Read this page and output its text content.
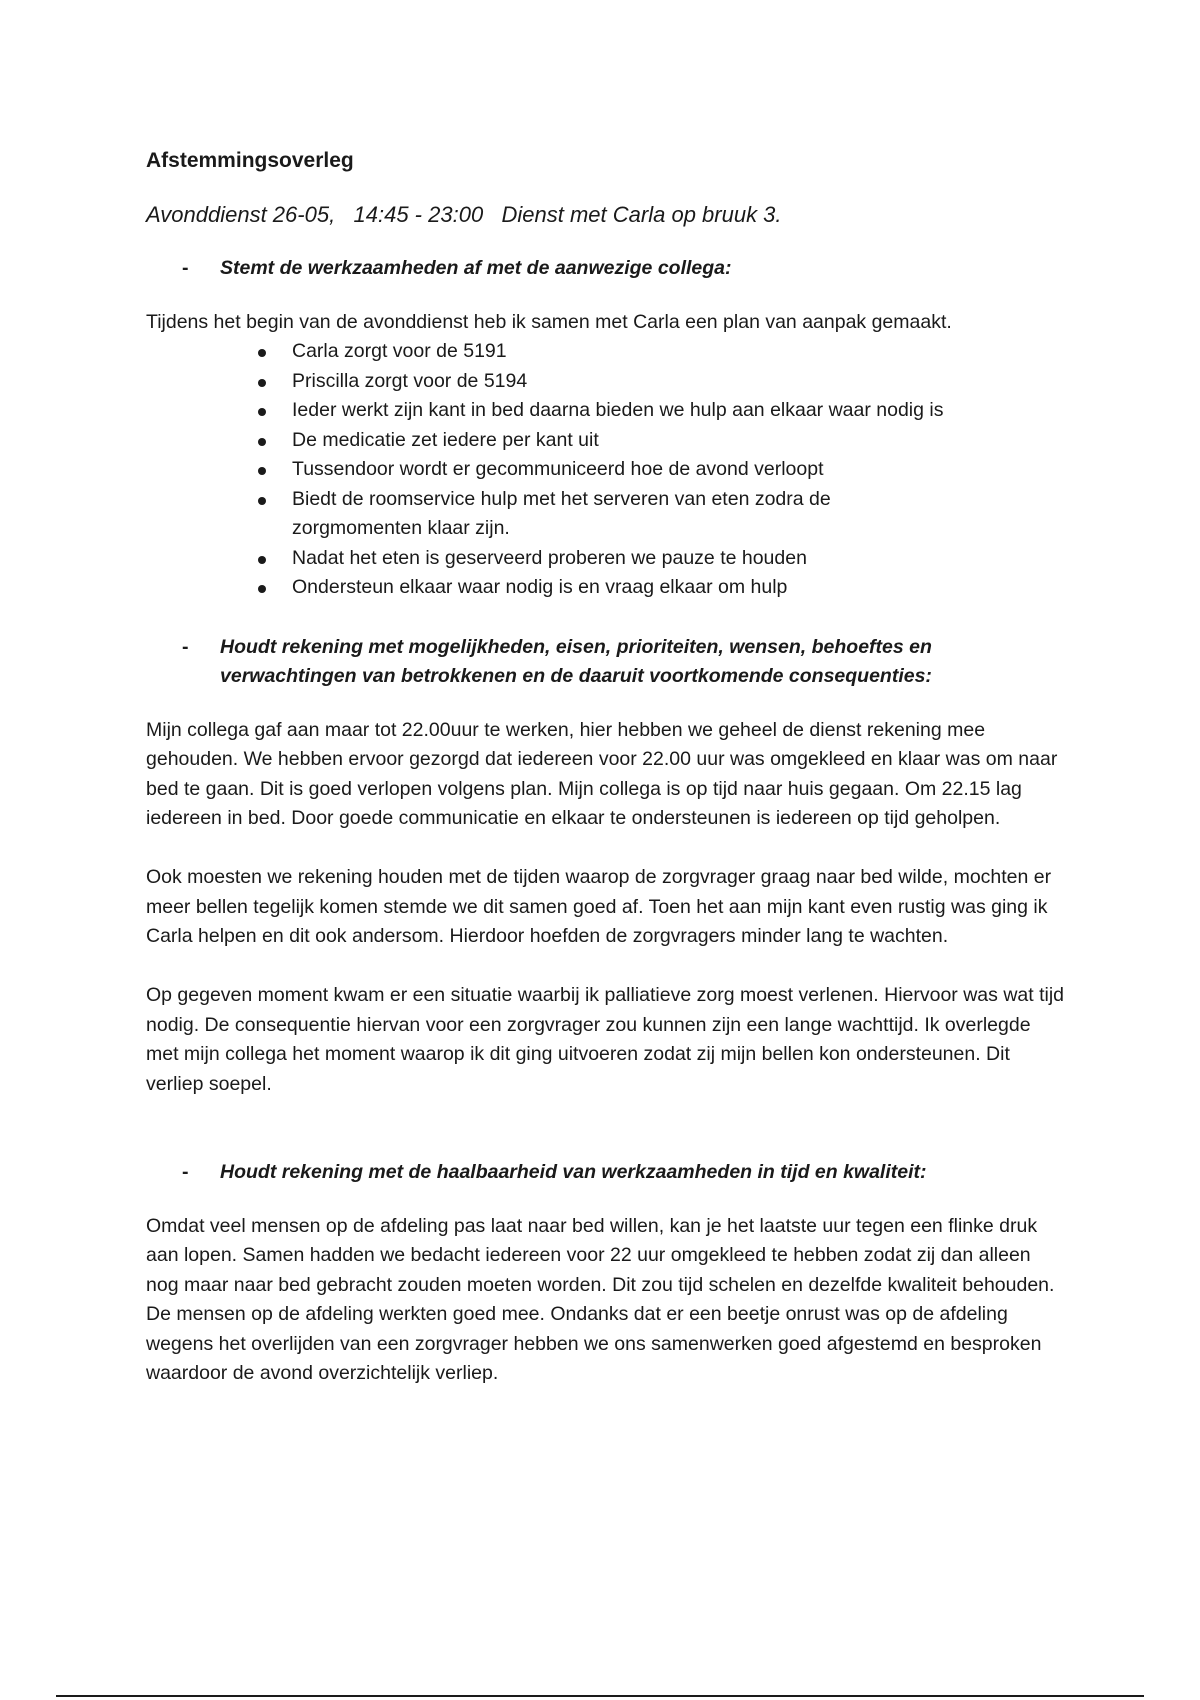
Afstemmingsoverleg
Avonddienst 26-05,   14:45 - 23:00   Dienst met Carla op bruuk 3.
-	Stemt de werkzaamheden af met de aanwezige collega:

Tijdens het begin van de avonddienst heb ik samen met Carla een plan van aanpak gemaakt.

Carla zorgt voor de 5191
Priscilla zorgt voor de 5194
Ieder werkt zijn kant in bed daarna bieden we hulp aan elkaar waar nodig is
De medicatie zet iedere per kant uit
Tussendoor wordt er gecommuniceerd hoe de avond verloopt
Biedt de roomservice hulp met het serveren van eten zodra de zorgmomenten klaar zijn.
Nadat het eten is geserveerd proberen we pauze te houden
Ondersteun elkaar waar nodig is en vraag elkaar om hulp
-	Houdt rekening met mogelijkheden, eisen, prioriteiten, wensen, behoeftes en verwachtingen van betrokkenen en de daaruit voortkomende consequenties:

Mijn collega gaf aan maar tot 22.00uur te werken, hier hebben we geheel de dienst rekening mee gehouden. We hebben ervoor gezorgd dat iedereen voor 22.00 uur was omgekleed en klaar was om naar bed te gaan. Dit is goed verlopen volgens plan. Mijn collega is op tijd naar huis gegaan. Om 22.15 lag iedereen in bed. Door goede communicatie en elkaar te ondersteunen is iedereen op tijd geholpen.

Ook moesten we rekening houden met de tijden waarop de zorgvrager graag naar bed wilde, mochten er meer bellen tegelijk komen stemde we dit samen goed af. Toen het aan mijn kant even rustig was ging ik Carla helpen en dit ook andersom. Hierdoor hoefden de zorgvragers minder lang te wachten.

Op gegeven moment kwam er een situatie waarbij ik palliatieve zorg moest verlenen. Hiervoor was wat tijd nodig. De consequentie hiervan voor een zorgvrager zou kunnen zijn een lange wachttijd. Ik overlegde met mijn collega het moment waarop ik dit ging uitvoeren zodat zij mijn bellen kon ondersteunen. Dit verliep soepel.

-	Houdt rekening met de haalbaarheid van werkzaamheden in tijd en kwaliteit:

Omdat veel mensen op de afdeling pas laat naar bed willen, kan je het laatste uur tegen een flinke druk aan lopen. Samen hadden we bedacht iedereen voor 22 uur omgekleed te hebben zodat zij dan alleen nog maar naar bed gebracht zouden moeten worden. Dit zou tijd schelen en dezelfde kwaliteit behouden. De mensen op de afdeling werkten goed mee. Ondanks dat er een beetje onrust was op de afdeling wegens het overlijden van een zorgvrager hebben we ons samenwerken goed afgestemd en besproken waardoor de avond overzichtelijk verliep.
